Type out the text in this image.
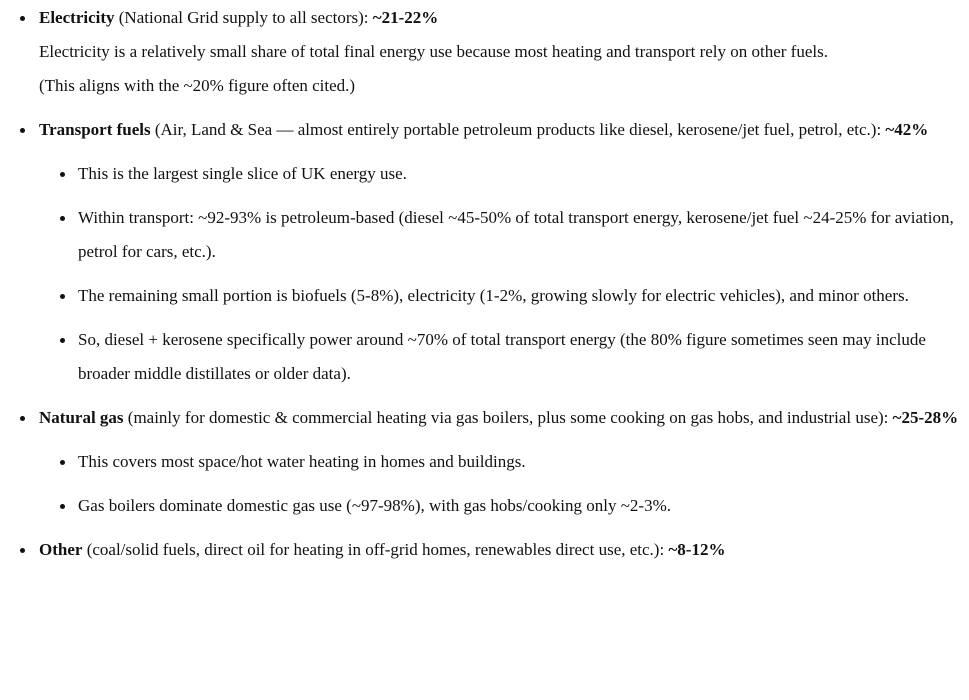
Electricity (National Grid supply to all sectors): ~21-22%
Electricity is a relatively small share of total final energy use because most heating and transport rely on other fuels.
(This aligns with the ~20% figure often cited.)
Transport fuels (Air, Land & Sea — almost entirely portable petroleum products like diesel, kerosene/jet fuel, petrol, etc.): ~42%
This is the largest single slice of UK energy use.
Within transport: ~92-93% is petroleum-based (diesel ~45-50% of total transport energy, kerosene/jet fuel ~24-25% for aviation, petrol for cars, etc.).
The remaining small portion is biofuels (5-8%), electricity (1-2%, growing slowly for electric vehicles), and minor others.
So, diesel + kerosene specifically power around ~70% of total transport energy (the 80% figure sometimes seen may include broader middle distillates or older data).
Natural gas (mainly for domestic & commercial heating via gas boilers, plus some cooking on gas hobs, and industrial use): ~25-28%
This covers most space/hot water heating in homes and buildings.
Gas boilers dominate domestic gas use (~97-98%), with gas hobs/cooking only ~2-3%.
Other (coal/solid fuels, direct oil for heating in off-grid homes, renewables direct use, etc.): ~8-12%
